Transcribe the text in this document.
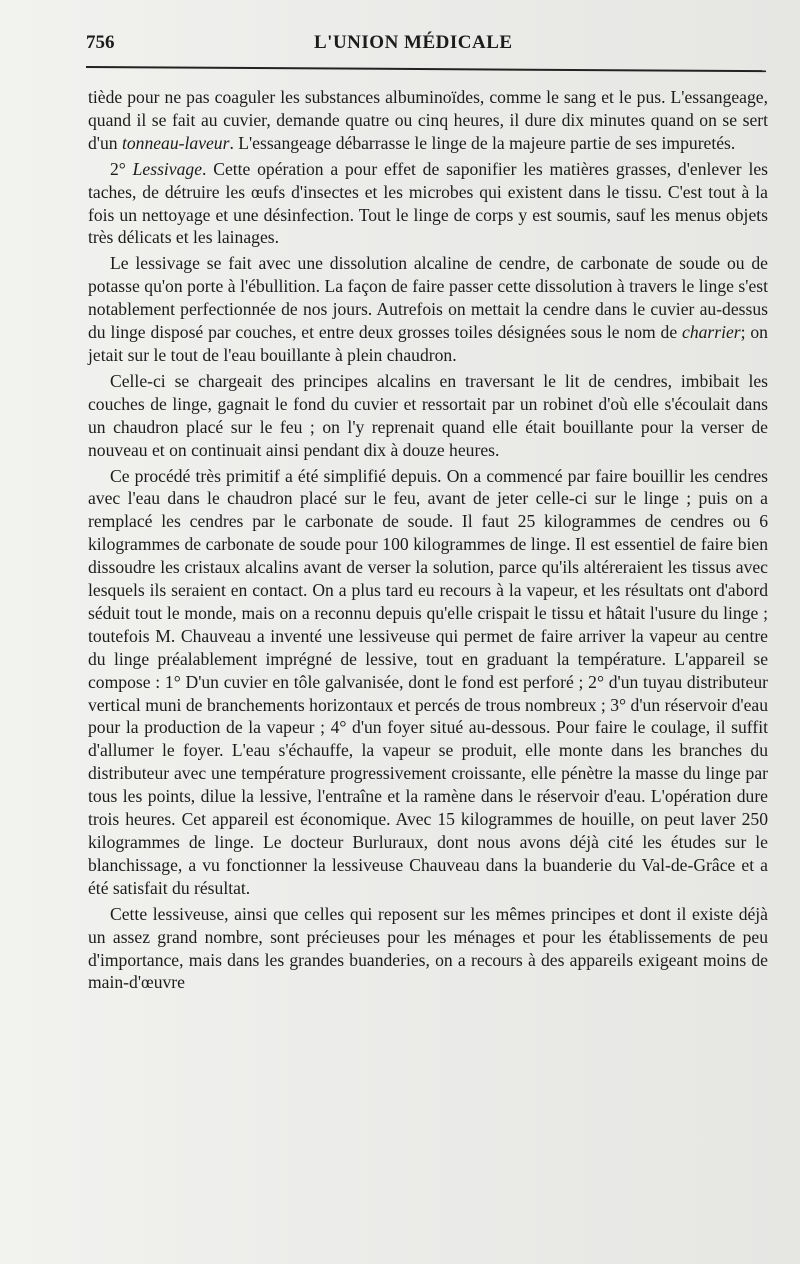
756	L'UNION MÉDICALE

tiède pour ne pas coaguler les substances albuminoïdes, comme le sang et le pus. L'essangeage, quand il se fait au cuvier, demande quatre ou cinq heures, il dure dix minutes quand on se sert d'un tonneau-laveur. L'essangeage débarrasse le linge de la majeure partie de ses impuretés.

2° Lessivage. Cette opération a pour effet de saponifier les matières grasses, d'enlever les taches, de détruire les œufs d'insectes et les microbes qui existent dans le tissu. C'est tout à la fois un nettoyage et une désinfection. Tout le linge de corps y est soumis, sauf les menus objets très délicats et les lainages.

Le lessivage se fait avec une dissolution alcaline de cendre, de carbonate de soude ou de potasse qu'on porte à l'ébullition. La façon de faire passer cette dissolution à travers le linge s'est notablement perfectionnée de nos jours. Autrefois on mettait la cendre dans le cuvier au-dessus du linge disposé par couches, et entre deux grosses toiles désignées sous le nom de charrier; on jetait sur le tout de l'eau bouillante à plein chaudron.

Celle-ci se chargeait des principes alcalins en traversant le lit de cendres, imbibait les couches de linge, gagnait le fond du cuvier et ressortait par un robinet d'où elle s'écoulait dans un chaudron placé sur le feu ; on l'y reprenait quand elle était bouillante pour la verser de nouveau et on continuait ainsi pendant dix à douze heures.

Ce procédé très primitif a été simplifié depuis. On a commencé par faire bouillir les cendres avec l'eau dans le chaudron placé sur le feu, avant de jeter celle-ci sur le linge ; puis on a remplacé les cendres par le carbonate de soude. Il faut 25 kilogrammes de cendres ou 6 kilogrammes de carbonate de soude pour 100 kilogrammes de linge. Il est essentiel de faire bien dissoudre les cristaux alcalins avant de verser la solution, parce qu'ils altéreraient les tissus avec lesquels ils seraient en contact. On a plus tard eu recours à la vapeur, et les résultats ont d'abord séduit tout le monde, mais on a reconnu depuis qu'elle crispait le tissu et hâtait l'usure du linge ; toutefois M. Chauveau a inventé une lessiveuse qui permet de faire arriver la vapeur au centre du linge préalablement imprégné de lessive, tout en graduant la température. L'appareil se compose : 1° D'un cuvier en tôle galvanisée, dont le fond est perforé ; 2° d'un tuyau distributeur vertical muni de branchements horizontaux et percés de trous nombreux ; 3° d'un réservoir d'eau pour la production de la vapeur ; 4° d'un foyer situé au-dessous. Pour faire le coulage, il suffit d'allumer le foyer. L'eau s'échauffe, la vapeur se produit, elle monte dans les branches du distributeur avec une température progressivement croissante, elle pénètre la masse du linge par tous les points, dilue la lessive, l'entraîne et la ramène dans le réservoir d'eau. L'opération dure trois heures. Cet appareil est économique. Avec 15 kilogrammes de houille, on peut laver 250 kilogrammes de linge. Le docteur Burluraux, dont nous avons déjà cité les études sur le blanchissage, a vu fonctionner la lessiveuse Chauveau dans la buanderie du Val-de-Grâce et a été satisfait du résultat.

Cette lessiveuse, ainsi que celles qui reposent sur les mêmes principes et dont il existe déjà un assez grand nombre, sont précieuses pour les ménages et pour les établissements de peu d'importance, mais dans les grandes buanderies, on a recours à des appareils exigeant moins de main-d'œuvre
